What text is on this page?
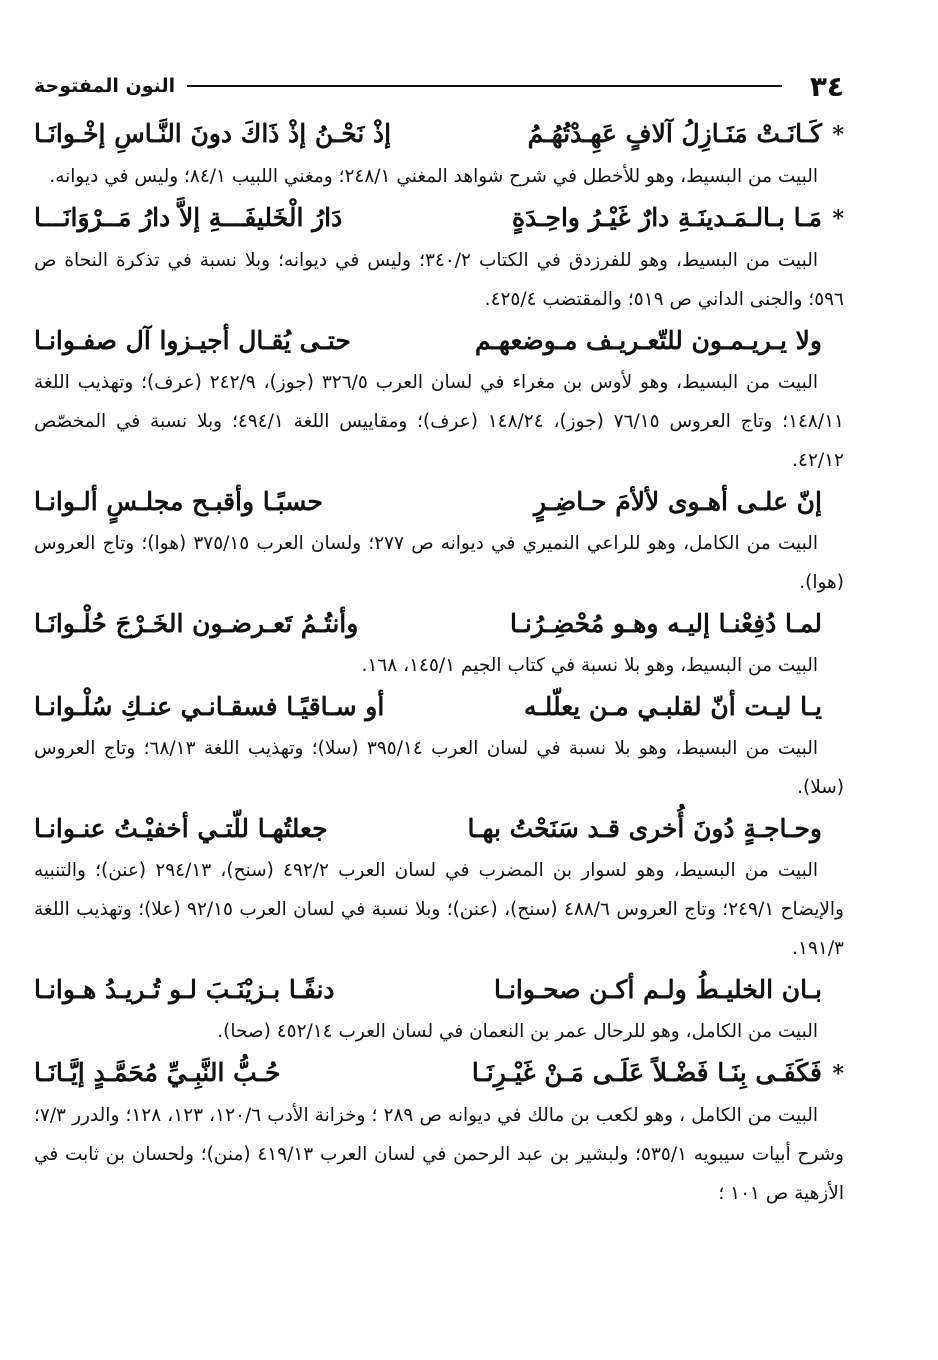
٣٤
النون المفتوحة
*
كَـانَـتْ مَنَـازِلُ آلافٍ عَهِـدْتُهُـمُ
إذْ نَحْـنُ إذْ ذَاكَ دونَ النَّـاسِ إخْـوانَـا

البيت من البسيط، وهو للأخطل في شرح شواهد المغني ٢٤٨/١؛ ومغني اللبيب ٨٤/١؛ وليس في ديوانه.

*
مَـا بـالـمَـدينَـةِ دارٌ غَيْـرُ واحِـدَةٍ
دَارُ الْخَليفَـــةِ إلاَّ دارُ مَــرْوَانَـــا

البيت من البسيط، وهو للفرزدق في الكتاب ٣٤٠/٢؛ وليس في ديوانه؛ وبلا نسبة في تذكرة النحاة ص ٥٩٦؛ والجنى الداني ص ٥١٩؛ والمقتضب ٤٢٥/٤.

ولا يـريـمـون للتّعـريـف مـوضعهـم
حتـى يُقـال أجيـزوا آل صفـوانـا

البيت من البسيط، وهو لأوس بن مغراء في لسان العرب ٣٢٦/٥ (جوز)، ٢٤٢/٩ (عرف)؛ وتهذيب اللغة ١٤٨/١١؛ وتاج العروس ٧٦/١٥ (جوز)، ١٤٨/٢٤ (عرف)؛ ومقاييس اللغة ٤٩٤/١؛ وبلا نسبة في المخصّص ٤٢/١٢.

إنّ علـى أهـوى لألأمَ حـاضِـرٍ
حسبًـا وأقبـح مجلـسٍ ألـوانـا

البيت من الكامل، وهو للراعي النميري في ديوانه ص ٢٧٧؛ ولسان العرب ٣٧٥/١٥ (هوا)؛ وتاج العروس (هوا).

لمـا دُفِعْنـا إليـه وهـو مُحْضِـرُنـا
وأنتُـمُ تَعـرضـون الخَـرْجَ حُلْـوانَـا

البيت من البسيط، وهو بلا نسبة في كتاب الجيم ١٤٥/١، ١٦٨.

يـا ليـت أنّ لقلبـي مـن يعلّلـه
أو سـاقيًـا فسقـانـي عنـكِ سُلْـوانـا

البيت من البسيط، وهو بلا نسبة في لسان العرب ٣٩٥/١٤ (سلا)؛ وتهذيب اللغة ٦٨/١٣؛ وتاج العروس (سلا).

وحـاجـةٍ دُونَ أُخرى قـد سَنَحْتُ بهـا
جعلتُهـا للّتـي أخفيْـتُ عنـوانـا

البيت من البسيط، وهو لسوار بن المضرب في لسان العرب ٤٩٢/٢ (سنح)، ٢٩٤/١٣ (عنن)؛ والتنبيه والإيضاح ٢٤٩/١؛ وتاج العروس ٤٨٨/٦ (سنح)، (عنن)؛ وبلا نسبة في لسان العرب ٩٢/١٥ (علا)؛ وتهذيب اللغة ١٩١/٣.

بـان الخليـطُ ولـم أكـن صحـوانـا
دنفًـا بـزيْنَـبَ لـو تُـريـدُ هـوانـا

البيت من الكامل، وهو للرحال عمر بن النعمان في لسان العرب ٤٥٢/١٤ (صحا).

*
فَكَفَـى بِنَـا فَضْـلاً عَلَـى مَـنْ غَيْـرِنَـا
حُـبُّ النَّبِـيِّ مُحَمَّـدٍ إيَّـانَـا

البيت من الكامل ، وهو لكعب بن مالك في ديوانه ص ٢٨٩ ؛ وخزانة الأدب ١٢٠/٦، ١٢٣، ١٢٨؛ والدرر ٧/٣؛ وشرح أبيات سيبويه ٥٣٥/١؛ ولبشير بن عبد الرحمن في لسان العرب ٤١٩/١٣ (منن)؛ ولحسان بن ثابت في الأزهية ص ١٠١ ؛
